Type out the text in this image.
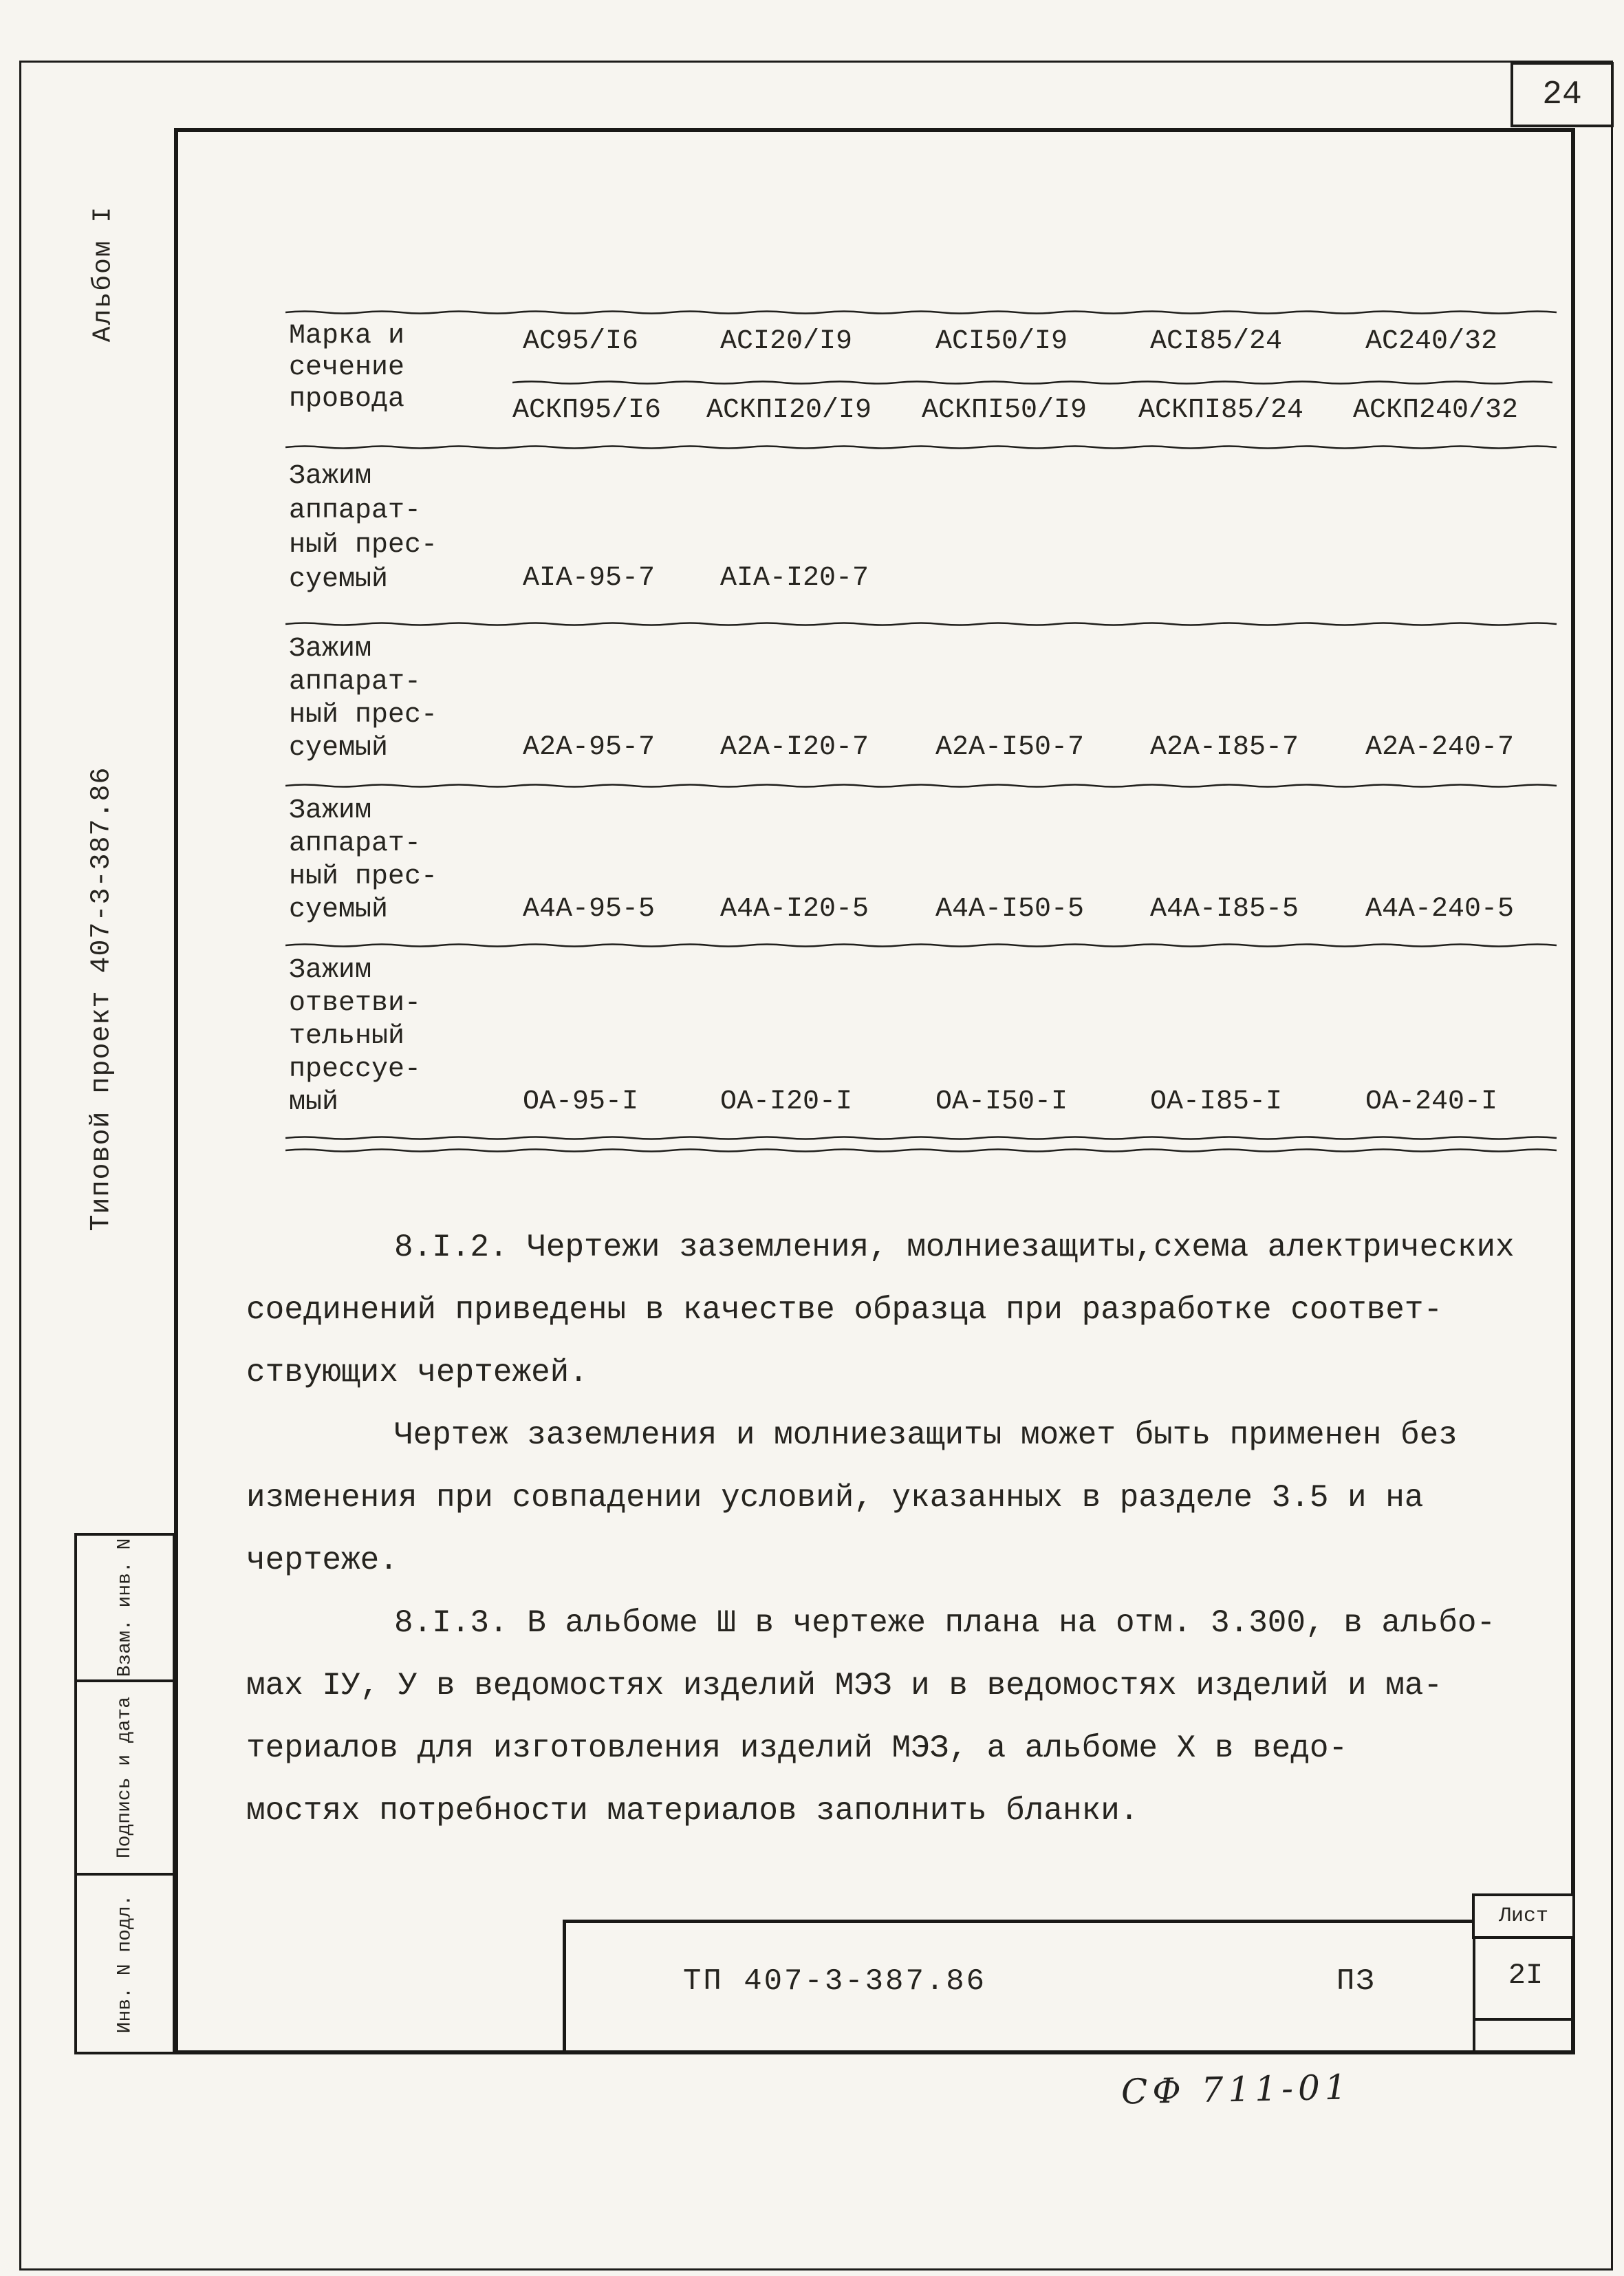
24
Альбом I
Типовой проект 407-3-387.86
Взам. инв. N
Подпись и дата
Инв. N подл.
Марка и
сечение
провода
АС95/I6	АСI20/I9	АСI50/I9	АСI85/24	АС240/32
АСКП95/I6 АСКПI20/I9 АСКПI50/I9 АСКПI85/24 АСКП240/32
Зажим
аппарат-
ный прес-
суемый	АIА-95-7 АIА-I20-7
Зажим
аппарат-
ный прес-
суемый	А2А-95-7 А2А-I20-7 А2А-I50-7 А2А-I85-7 А2А-240-7
Зажим
аппарат-
ный прес-
суемый	А4А-95-5 А4А-I20-5 А4А-I50-5 А4А-I85-5 А4А-240-5
Зажим
ответви-
тельный
прессуе-
мый	ОА-95-I	ОА-I20-I	ОА-I50-I	ОА-I85-I	ОА-240-I
8.I.2. Чертежи заземления, молниезащиты,схема алектрических
соединений приведены в качестве образца при разработке соответ-
ствующих чертежей.
Чертеж заземления и молниезащиты может быть применен без
изменения при совпадении условий, указанных в разделе 3.5 и на
чертеже.
8.I.3. В альбоме Ш в чертеже плана на отм. 3.300, в альбо-
мах IУ, У в ведомостях изделий МЭЗ и в ведомостях изделий и ма-
териалов для изготовления изделий МЭЗ, а альбоме X в ведо-
мостях потребности материалов заполнить бланки.
ТП 407-3-387.86	ПЗ	2I
Лист
СФ 711-01
